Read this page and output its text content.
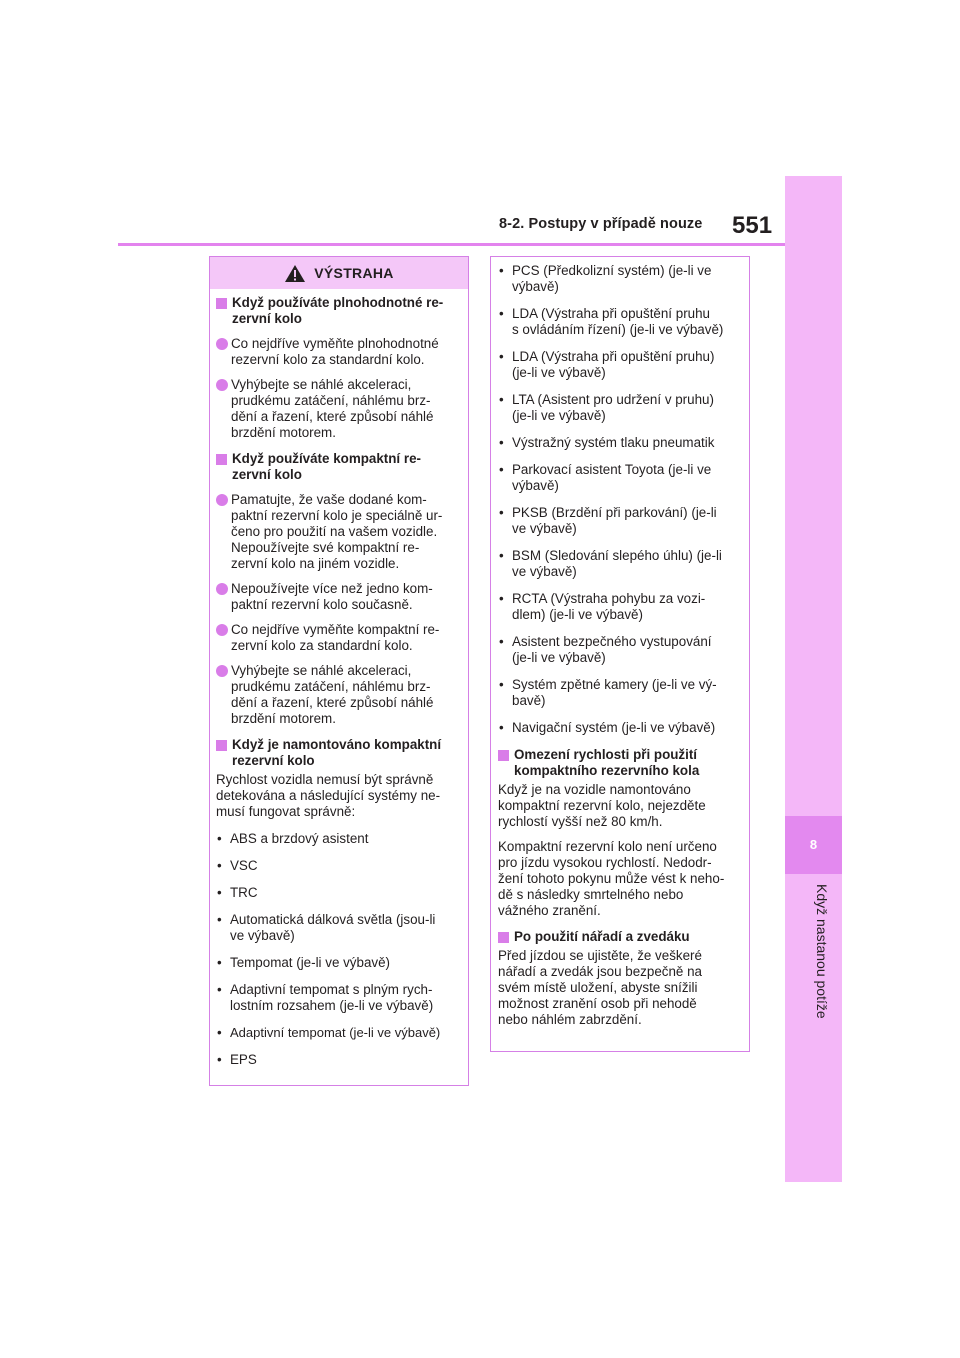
8-2. Postupy v případě nouze 551
8
Když nastanou potíže
VÝSTRAHA
Když používáte plnohodnotné re-
zervní kolo
Co nejdříve vyměňte plnohodnotné
rezervní kolo za standardní kolo.
Vyhýbejte se náhlé akceleraci,
prudkému zatáčení, náhlému brz-
dění a řazení, které způsobí náhlé
brzdění motorem.
Když používáte kompaktní re-
zervní kolo
Pamatujte, že vaše dodané kom-
paktní rezervní kolo je speciálně ur-
čeno pro použití na vašem vozidle.
Nepoužívejte své kompaktní re-
zervní kolo na jiném vozidle.
Nepoužívejte více než jedno kom-
paktní rezervní kolo současně.
Co nejdříve vyměňte kompaktní re-
zervní kolo za standardní kolo.
Vyhýbejte se náhlé akceleraci,
prudkému zatáčení, náhlému brz-
dění a řazení, které způsobí náhlé
brzdění motorem.
Když je namontováno kompaktní
rezervní kolo
Rychlost vozidla nemusí být správně
detekována a následující systémy ne-
musí fungovat správně:
• ABS a brzdový asistent
• VSC
• TRC
• Automatická dálková světla (jsou-li
ve výbavě)
• Tempomat (je-li ve výbavě)
• Adaptivní tempomat s plným rych-
lostním rozsahem (je-li ve výbavě)
• Adaptivní tempomat (je-li ve výbavě)
• EPS
• PCS (Předkolizní systém) (je-li ve
výbavě)
• LDA (Výstraha při opuštění pruhu
s ovládáním řízení) (je-li ve výbavě)
• LDA (Výstraha při opuštění pruhu)
(je-li ve výbavě)
• LTA (Asistent pro udržení v pruhu)
(je-li ve výbavě)
• Výstražný systém tlaku pneumatik
• Parkovací asistent Toyota (je-li ve
výbavě)
• PKSB (Brzdění při parkování) (je-li
ve výbavě)
• BSM (Sledování slepého úhlu) (je-li
ve výbavě)
• RCTA (Výstraha pohybu za vozi-
dlem) (je-li ve výbavě)
• Asistent bezpečného vystupování
(je-li ve výbavě)
• Systém zpětné kamery (je-li ve vý-
bavě)
• Navigační systém (je-li ve výbavě)
Omezení rychlosti při použití
kompaktního rezervního kola
Když je na vozidle namontováno
kompaktní rezervní kolo, nejezděte
rychlostí vyšší než 80 km/h.
Kompaktní rezervní kolo není určeno
pro jízdu vysokou rychlostí. Nedodr-
žení tohoto pokynu může vést k neho-
dě s následky smrtelného nebo
vážného zranění.
Po použití nářadí a zvedáku
Před jízdou se ujistěte, že veškeré
nářadí a zvedák jsou bezpečně na
svém místě uložení, abyste snížili
možnost zranění osob při nehodě
nebo náhlém zabrzdění.
